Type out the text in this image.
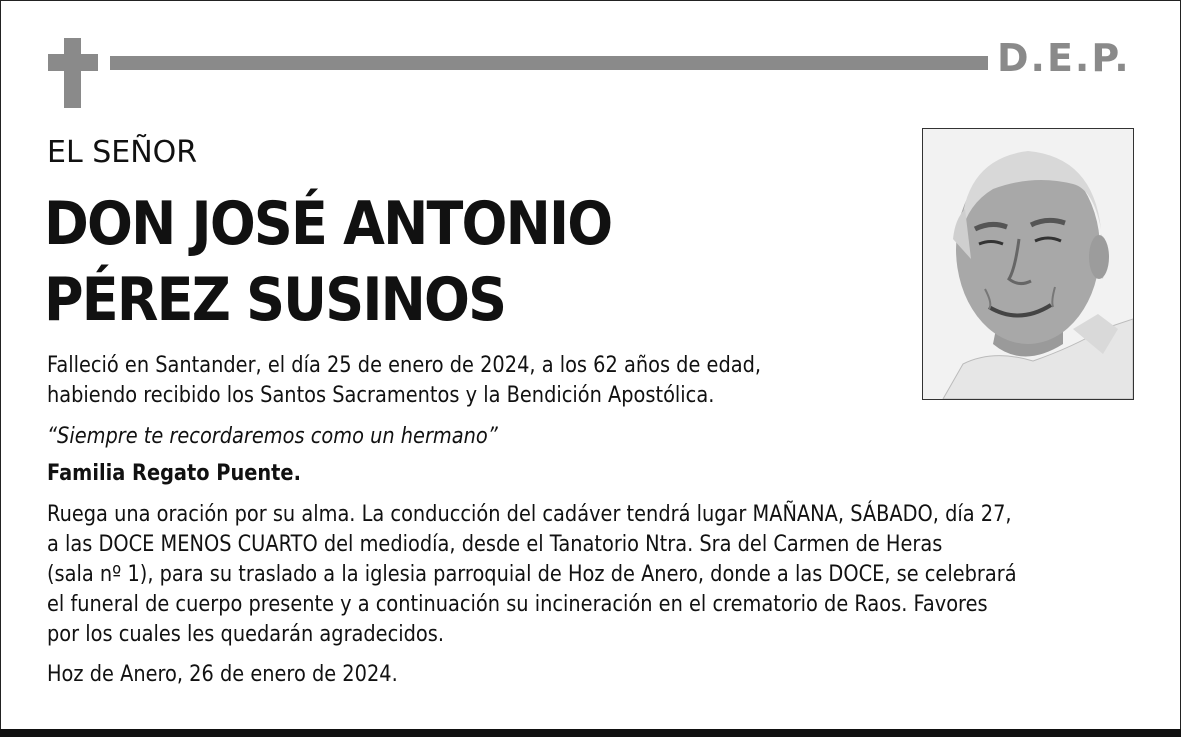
D.E.P.
EL SEÑOR
DON JOSÉ ANTONIO
PÉREZ SUSINOS
Falleció en Santander, el día 25 de enero de 2024, a los 62 años de edad,
habiendo recibido los Santos Sacramentos y la Bendición Apostólica.
“Siempre te recordaremos como un hermano”
Familia Regato Puente.
Ruega una oración por su alma. La conducción del cadáver tendrá lugar MAÑANA, SÁBADO, día 27,
a las DOCE MENOS CUARTO del mediodía, desde el Tanatorio Ntra. Sra del Carmen de Heras
(sala nº 1), para su traslado a la iglesia parroquial de Hoz de Anero, donde a las DOCE, se celebrará
el funeral de cuerpo presente y a continuación su incineración en el crematorio de Raos. Favores
por los cuales les quedarán agradecidos.
Hoz de Anero, 26 de enero de 2024.
